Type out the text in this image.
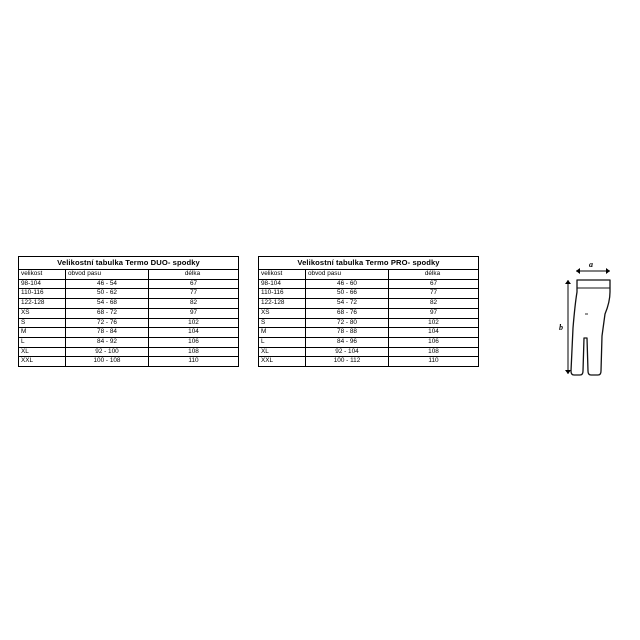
Velikostní tabulka Termo DUO- spodky		
velikost	obvod pasu	délka
98-104	46 - 54	67
110-116	50 - 62	77
122-128	54 - 68	82
XS	68 - 72	97
S	72 - 76	102
M	78 - 84	104
L	84 - 92	106
XL	92 - 100	108
XXL	100 - 108	110
Velikostní tabulka Termo PRO- spodky		
velikost	obvod pasu	délka
98-104	46 - 60	67
110-116	50 - 66	77
122-128	54 - 72	82
XS	68 - 76	97
S	72 - 80	102
M	78 - 88	104
L	84 - 96	106
XL	92 - 104	108
XXL	100 - 112	110
a
b
